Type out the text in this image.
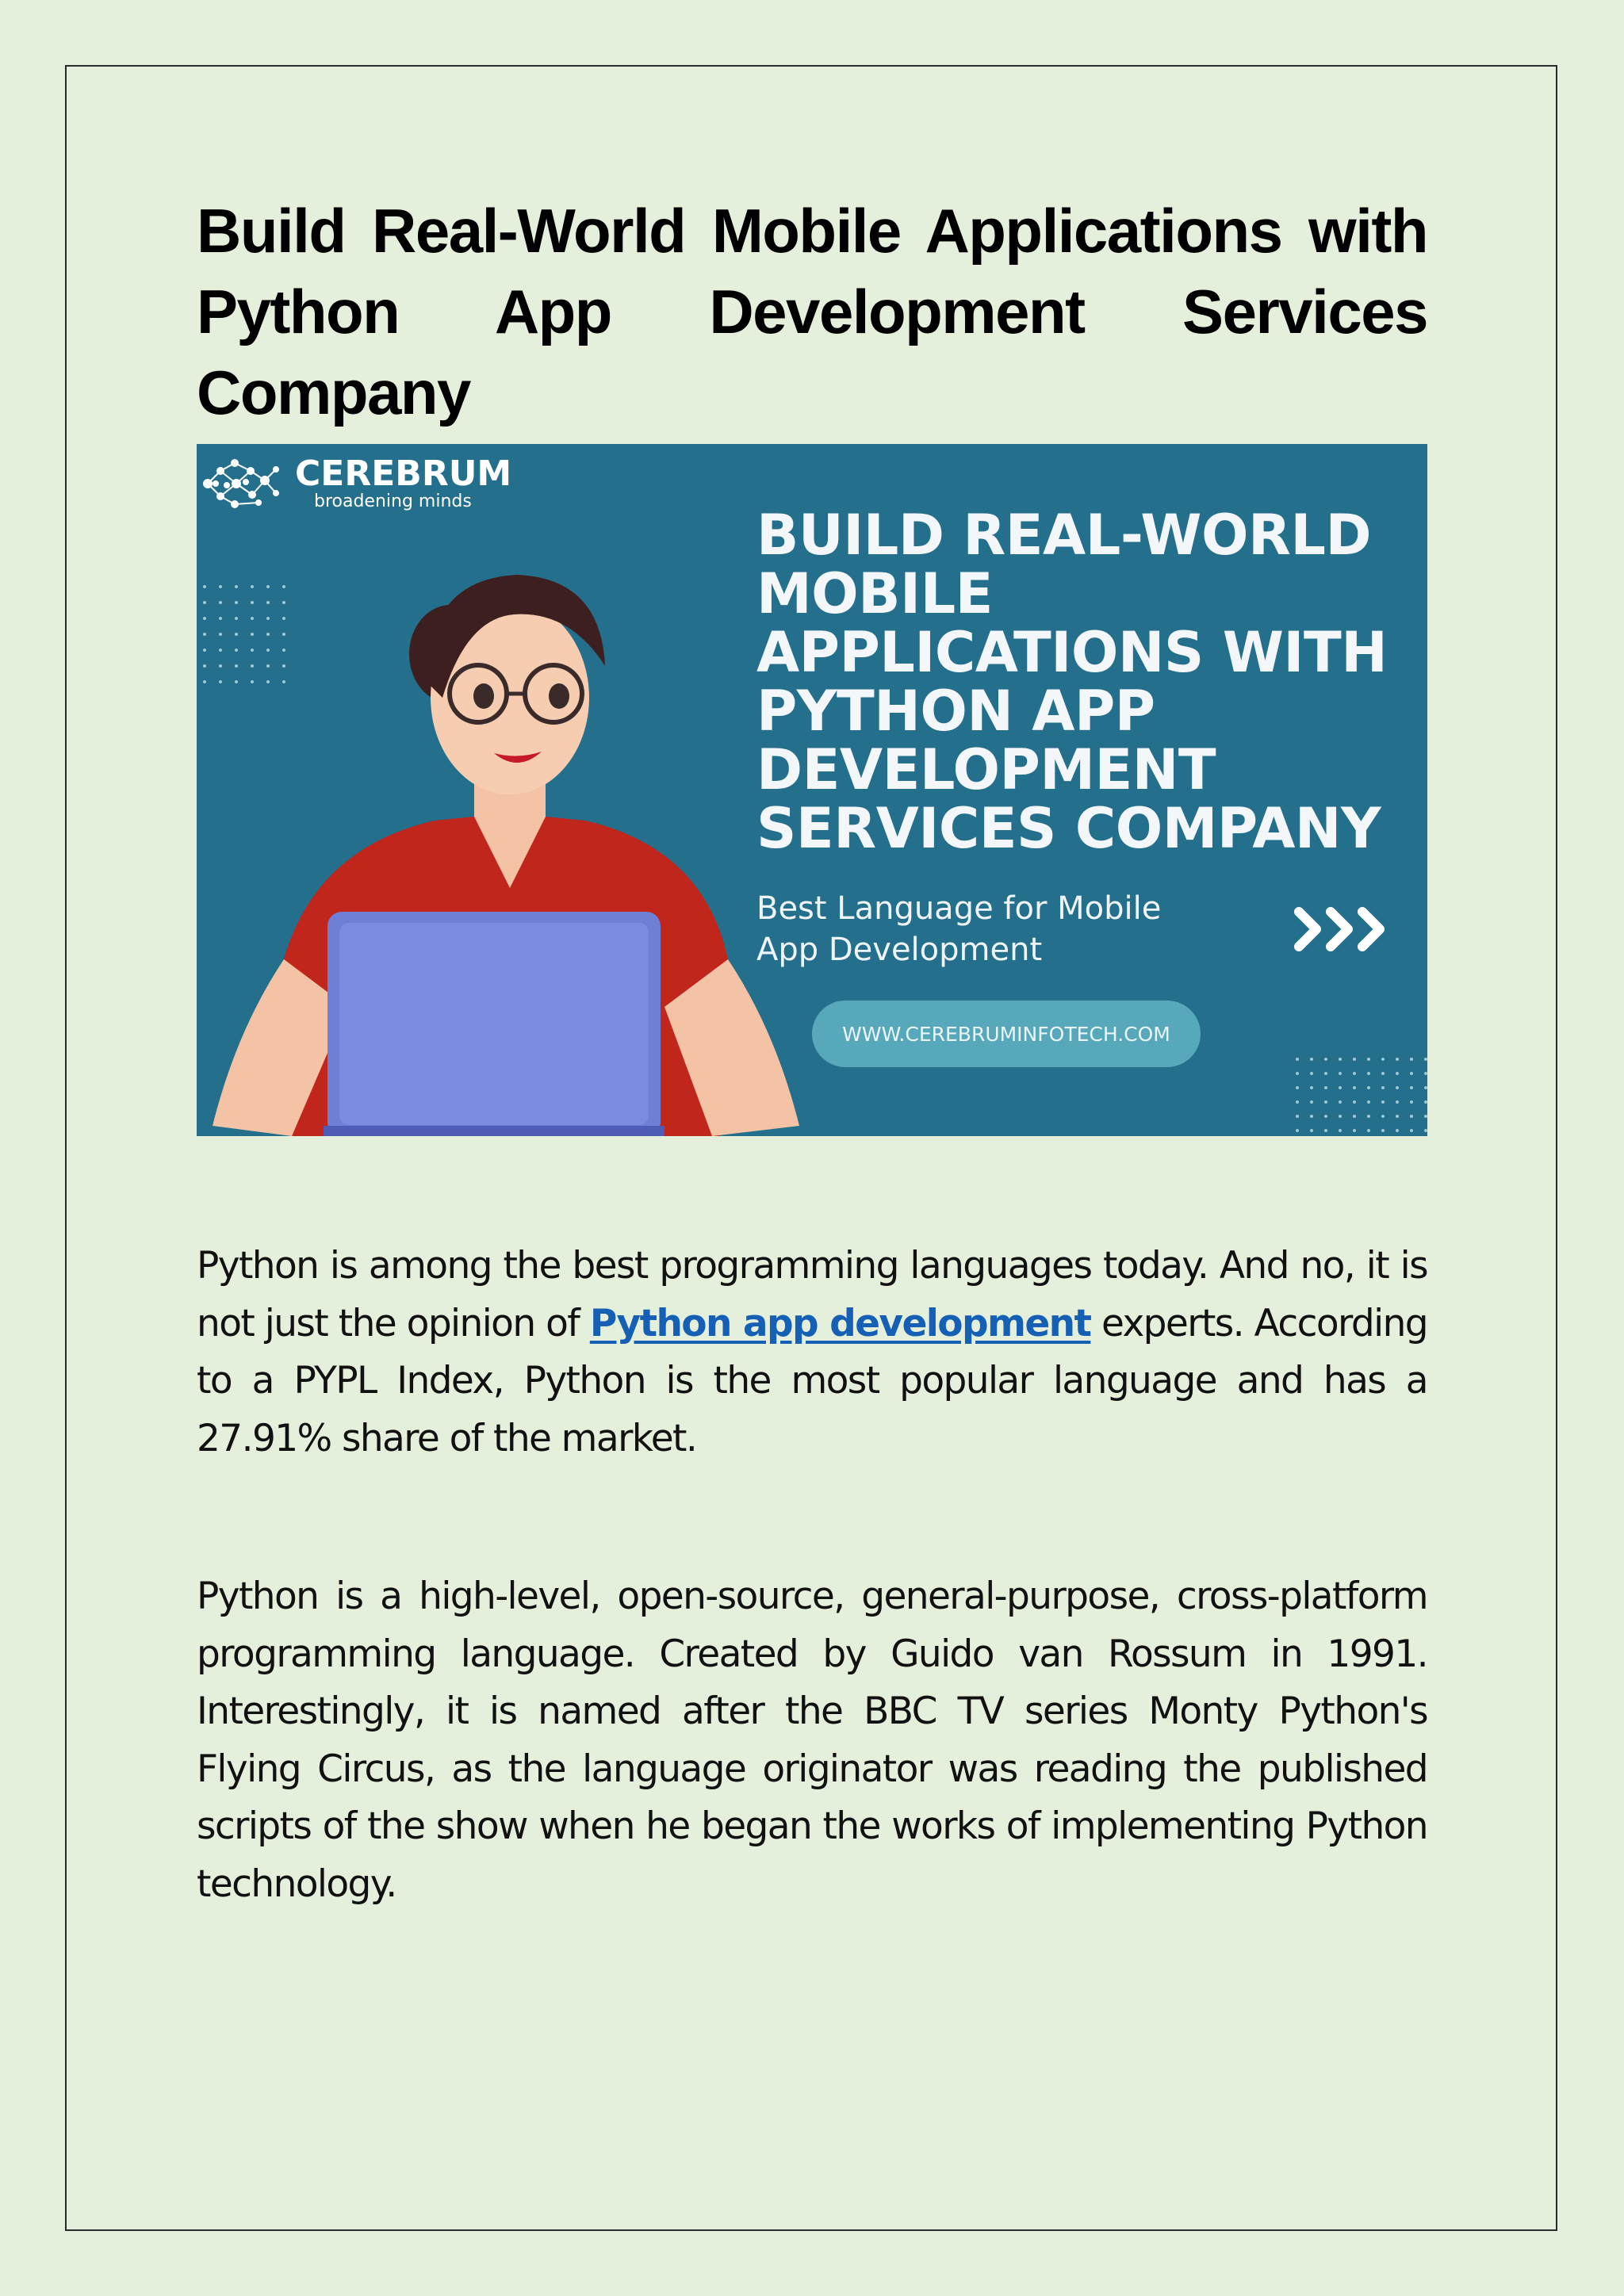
Build Real-World Mobile Applications with Python App Development Services Company
CEREBRUM
broadening minds
BUILD REAL-WORLD
MOBILE
APPLICATIONS WITH
PYTHON APP
DEVELOPMENT
SERVICES COMPANY
Best Language for Mobile
App Development
WWW.CEREBRUMINFOTECH.COM

Python is among the best programming languages today. And no, it is not just the opinion of Python app development experts. According to a PYPL Index, Python is the most popular language and has a 27.91% share of the market.

Python is a high-level, open-source, general-purpose, cross-platform programming language. Created by Guido van Rossum in 1991. Interestingly, it is named after the BBC TV series Monty Python's Flying Circus, as the language originator was reading the published scripts of the show when he began the works of implementing Python technology.
